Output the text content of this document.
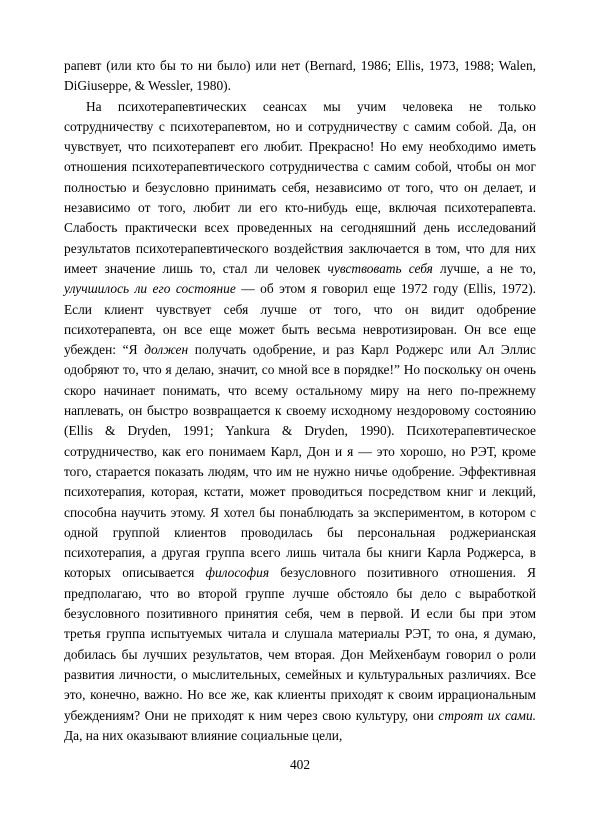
рапевт (или кто бы то ни было) или нет (Bernard, 1986; Ellis, 1973, 1988; Walen, DiGiuseppe, & Wessler, 1980).

На психотерапевтических сеансах мы учим человека не только сотрудничеству с психотерапевтом, но и сотрудничеству с самим собой. Да, он чувствует, что психотерапевт его любит. Прекрасно! Но ему необходимо иметь отношения психотерапевтического сотрудничества с самим собой, чтобы он мог полностью и безусловно принимать себя, независимо от того, что он делает, и независимо от того, любит ли его кто-нибудь еще, включая психотерапевта. Слабость практически всех проведенных на сегодняшний день исследований результатов психотерапевтического воздействия заключается в том, что для них имеет значение лишь то, стал ли человек чувствовать себя лучше, а не то, улучшилось ли его состояние — об этом я говорил еще 1972 году (Ellis, 1972). Если клиент чувствует себя лучше от того, что он видит одобрение психотерапевта, он все еще может быть весьма невротизирован. Он все еще убежден: “Я должен получать одобрение, и раз Карл Роджерс или Ал Эллис одобряют то, что я делаю, значит, со мной все в порядке!” Но поскольку он очень скоро начинает понимать, что всему остальному миру на него по-прежнему наплевать, он быстро возвращается к своему исходному нездоровому состоянию (Ellis & Dryden, 1991; Yankura & Dryden, 1990). Психотерапевтическое сотрудничество, как его понимаем Карл, Дон и я — это хорошо, но РЭТ, кроме того, старается показать людям, что им не нужно ничье одобрение. Эффективная психотерапия, которая, кстати, может проводиться посредством книг и лекций, способна научить этому. Я хотел бы понаблюдать за экспериментом, в котором с одной группой клиентов проводилась бы персональная роджерианская психотерапия, а другая группа всего лишь читала бы книги Карла Роджерса, в которых описывается философия безусловного позитивного отношения. Я предполагаю, что во второй группе лучше обстояло бы дело с выработкой безусловного позитивного принятия себя, чем в первой. И если бы при этом третья группа испытуемых читала и слушала материалы РЭТ, то она, я думаю, добилась бы лучших результатов, чем вторая. Дон Мейхенбаум говорил о роли развития личности, о мыслительных, семейных и культуральных различиях. Все это, конечно, важно. Но все же, как клиенты приходят к своим иррациональным убеждениям? Они не приходят к ним через свою культуру, они строят их сами. Да, на них оказывают влияние социальные цели,

402
